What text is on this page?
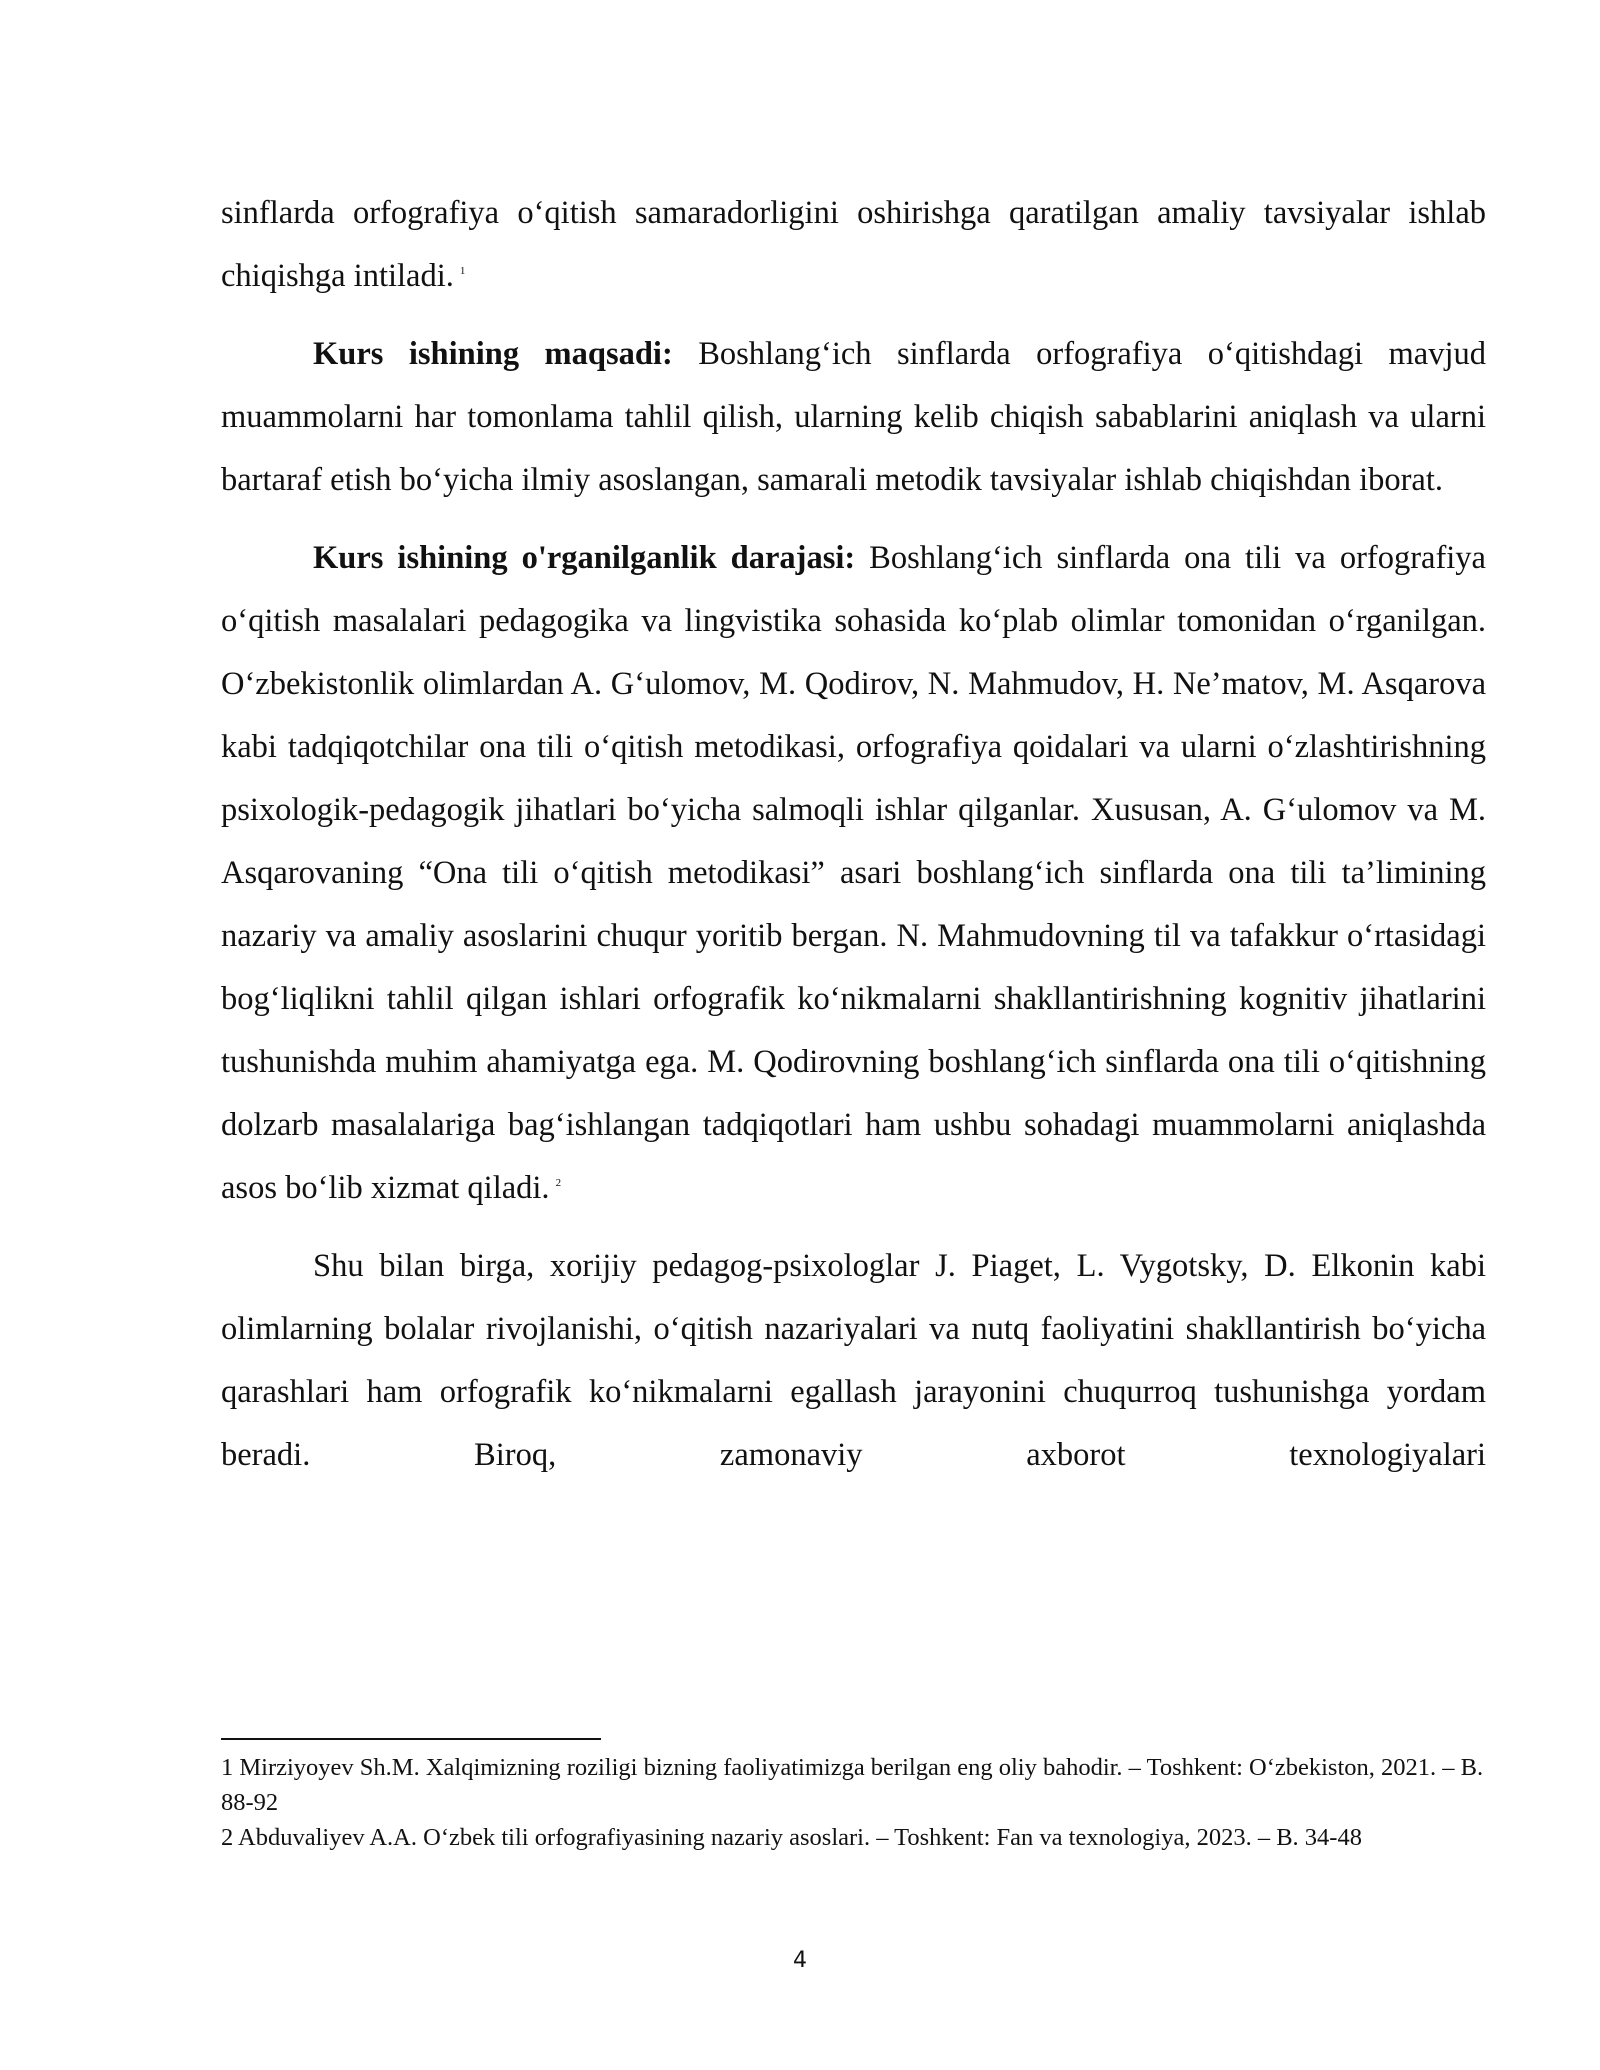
sinflarda orfografiya o‘qitish samaradorligini oshirishga qaratilgan amaliy tavsiyalar ishlab chiqishga intiladi. $^1$

Kurs ishining maqsadi: Boshlang‘ich sinflarda orfografiya o‘qitishdagi mavjud muammolarni har tomonlama tahlil qilish, ularning kelib chiqish sabablarini aniqlash va ularni bartaraf etish bo‘yicha ilmiy asoslangan, samarali metodik tavsiyalar ishlab chiqishdan iborat.

Kurs ishining o'rganilganlik darajasi: Boshlang‘ich sinflarda ona tili va orfografiya o‘qitish masalalari pedagogika va lingvistika sohasida ko‘plab olimlar tomonidan o‘rganilgan. O‘zbekistonlik olimlardan A. G‘ulomov, M. Qodirov, N. Mahmudov, H. Ne’matov, M. Asqarova kabi tadqiqotchilar ona tili o‘qitish metodikasi, orfografiya qoidalari va ularni o‘zlashtirishning psixologik-pedagogik jihatlari bo‘yicha salmoqli ishlar qilganlar. Xususan, A. G‘ulomov va M. Asqarovaning “Ona tili o‘qitish metodikasi” asari boshlang‘ich sinflarda ona tili ta’limining nazariy va amaliy asoslarini chuqur yoritib bergan. N. Mahmudovning til va tafakkur o‘rtasidagi bog‘liqlikni tahlil qilgan ishlari orfografik ko‘nikmalarni shakllantirishning kognitiv jihatlarini tushunishda muhim ahamiyatga ega. M. Qodirovning boshlang‘ich sinflarda ona tili o‘qitishning dolzarb masalalariga bag‘ishlangan tadqiqotlari ham ushbu sohadagi muammolarni aniqlashda asos bo‘lib xizmat qiladi. $^2$

Shu bilan birga, xorijiy pedagog-psixologlar J. Piaget, L. Vygotsky, D. Elkonin kabi olimlarning bolalar rivojlanishi, o‘qitish nazariyalari va nutq faoliyatini shakllantirish bo‘yicha qarashlari ham orfografik ko‘nikmalarni egallash jarayonini chuqurroq tushunishga yordam beradi. Biroq, zamonaviy axborot texnologiyalari

1 Mirziyoyev Sh.M. Xalqimizning roziligi bizning faoliyatimizga berilgan eng oliy bahodir. – Toshkent: O‘zbekiston, 2021. – B. 88-92

2 Abduvaliyev A.A. O‘zbek tili orfografiyasining nazariy asoslari. – Toshkent: Fan va texnologiya, 2023. – B. 34-48

4
